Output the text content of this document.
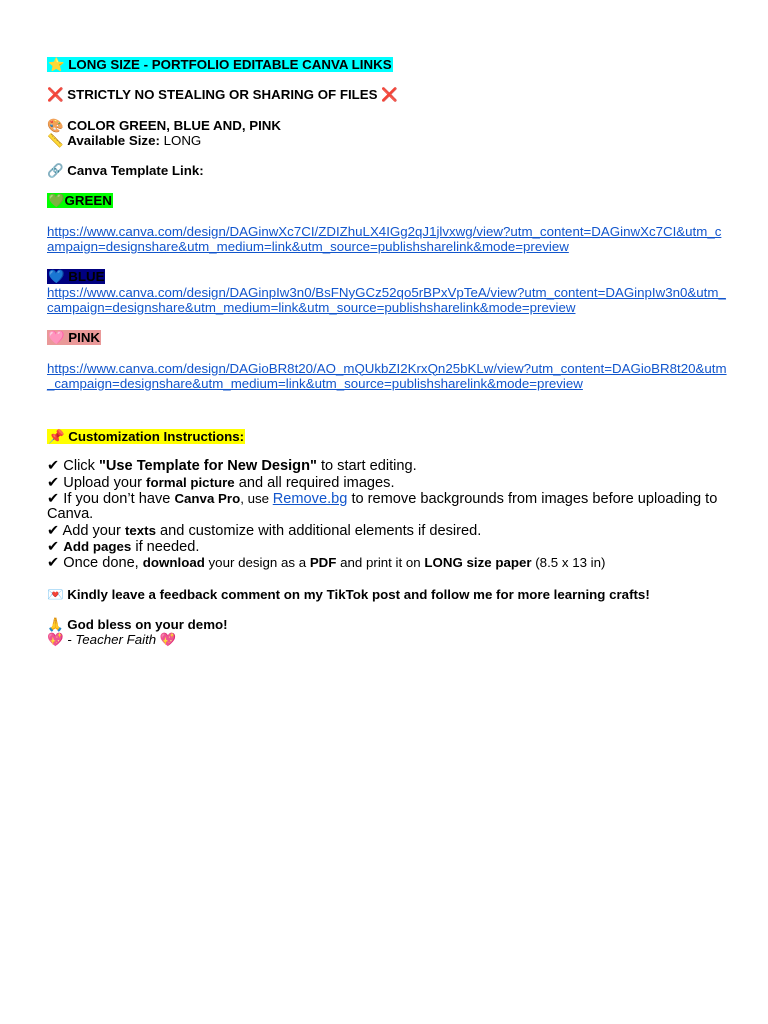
⭐ LONG SIZE - PORTFOLIO EDITABLE CANVA LINKS

❌ STRICTLY NO STEALING OR SHARING OF FILES ❌

🎨 COLOR GREEN, BLUE AND, PINK

📏 Available Size: LONG

🔗 Canva Template Link:

💚GREEN

https://www.canva.com/design/DAGinwXc7CI/ZDIZhuLX4IGg2qJ1jlvxwg/view?utm_content=DAGinwXc7CI&utm_campaign=designshare&utm_medium=link&utm_source=publishsharelink&mode=preview

💙 BLUE

https://www.canva.com/design/DAGinpIw3n0/BsFNyGCz52qo5rBPxVpTeA/view?utm_content=DAGinpIw3n0&utm_campaign=designshare&utm_medium=link&utm_source=publishsharelink&mode=preview

🩷 PINK

https://www.canva.com/design/DAGioBR8t20/AO_mQUkbZI2KrxQn25bKLw/view?utm_content=DAGioBR8t20&utm_campaign=designshare&utm_medium=link&utm_source=publishsharelink&mode=preview

📌 Customization Instructions:

✔ Click "Use Template for New Design" to start editing.

✔ Upload your formal picture and all required images.

✔ If you don’t have Canva Pro, use Remove.bg to remove backgrounds from images before uploading to Canva.

✔ Add your texts and customize with additional elements if desired.

✔ Add pages if needed.

✔ Once done, download your design as a PDF and print it on LONG size paper (8.5 x 13 in)

💌 Kindly leave a feedback comment on my TikTok post and follow me for more learning crafts!

🙏 God bless on your demo!

💖 - Teacher Faith 💖
